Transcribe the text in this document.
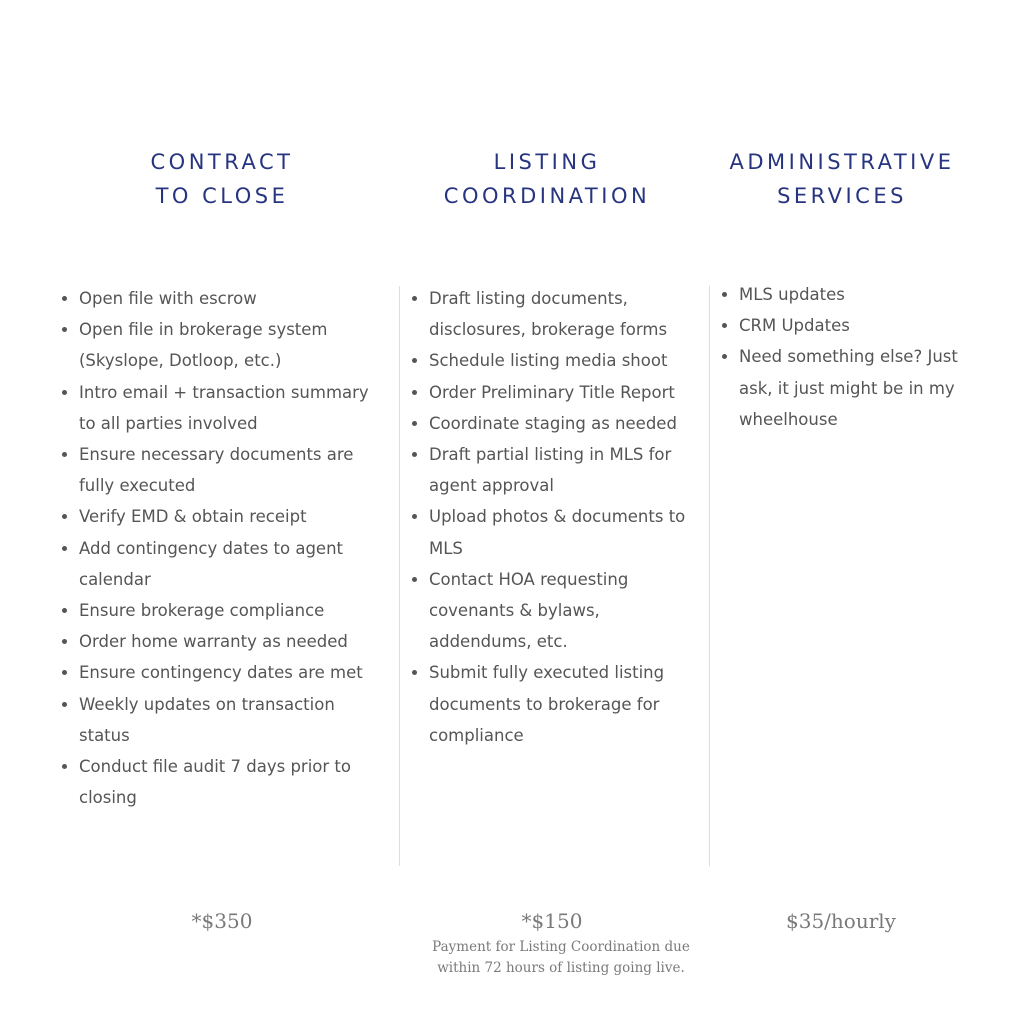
CONTRACT
TO CLOSE
LISTING
COORDINATION
ADMINISTRATIVE
SERVICES
Open file with escrow
Open file in brokerage system (Skyslope, Dotloop, etc.)
Intro email + transaction summary to all parties involved
Ensure necessary documents are fully executed
Verify EMD & obtain receipt
Add contingency dates to agent calendar
Ensure brokerage compliance
Order home warranty as needed
Ensure contingency dates are met
Weekly updates on transaction status
Conduct file audit 7 days prior to closing
Draft listing documents, disclosures, brokerage forms
Schedule listing media shoot
Order Preliminary Title Report
Coordinate staging as needed
Draft partial listing in MLS for agent approval
Upload photos & documents to MLS
Contact HOA requesting covenants & bylaws, addendums, etc.
Submit fully executed listing documents to brokerage for compliance
MLS updates
CRM Updates
Need something else? Just ask, it just might be in my wheelhouse
*$350	*$150	$35/hourly
Payment for Listing Coordination due within 72 hours of listing going live.
